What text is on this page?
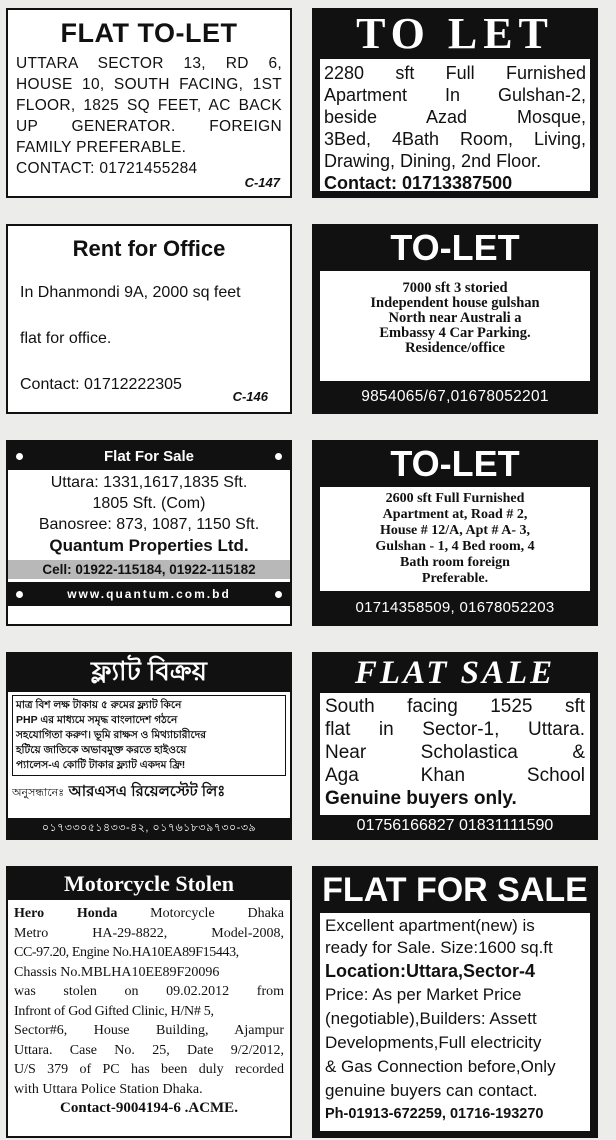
FLAT TO-LET
UTTARA SECTOR 13, RD 6,
HOUSE 10, SOUTH FACING, 1ST
FLOOR, 1825 SQ FEET, AC BACK
UP GENERATOR. FOREIGN
FAMILY PREFERABLE.
CONTACT: 01721455284
C-147
TO LET
2280 sft Full Furnished
Apartment In Gulshan-2,
beside Azad Mosque,
3Bed, 4Bath Room, Living,
Drawing, Dining, 2nd Floor.
Contact: 01713387500
Rent for Office
In Dhanmondi 9A, 2000 sq feet
flat for office.
Contact: 01712222305
C-146
TO-LET
7000 sft 3 storied
Independent house gulshan
North near Australi a
Embassy 4 Car Parking.
Residence/office
9854065/67,01678052201
Flat For Sale
Uttara: 1331,1617,1835 Sft.
1805 Sft. (Com)
Banosree: 873, 1087, 1150 Sft.
Quantum Properties Ltd.
Cell: 01922-115184, 01922-115182
www.quantum.com.bd
TO-LET
2600 sft Full Furnished
Apartment at, Road # 2,
House # 12/A, Apt # A- 3,
Gulshan - 1, 4 Bed room, 4
Bath room foreign
Preferable.
01714358509, 01678052203
ফ্ল্যাট বিক্রয়
মাত্র বিশ লক্ষ টাকায় ৫ রুমের ফ্ল্যাট কিনে
PHP এর মাধ্যমে সমৃদ্ধ বাংলাদেশ গঠনে
সহযোগিতা করুণ। ভূমি রাক্ষস ও মিথ্যাচারীদের
হটিয়ে জাতিকে অভাবমুক্ত করতে হাইওয়ে
প্যালেস-এ কোটি টাকার ফ্ল্যাট একদম ফ্রি!
অনুসন্ধানেঃ আরএসএ রিয়েলস্টেট লিঃ
০১৭৩৩০৫১৪৩৩-৪২, ০১৭৬১৮৩৯৭৩০-৩৯
FLAT SALE
South facing 1525 sft
flat in Sector-1, Uttara.
Near Scholastica &
Aga Khan School
Genuine buyers only.
01756166827 01831111590
Motorcycle Stolen
Hero Honda Motorcycle Dhaka
Metro HA-29-8822, Model-2008,
CC-97.20, Engine No.HA10EA89F15443,
Chassis No.MBLHA10EE89F20096
was stolen on 09.02.2012 from
Infront of God Gifted Clinic, H/N# 5,
Sector#6, House Building, Ajampur
Uttara. Case No. 25, Date 9/2/2012,
U/S 379 of PC has been duly recorded
with Uttara Police Station Dhaka.
Contact-9004194-6 .ACME.
FLAT FOR SALE
Excellent apartment(new) is
ready for Sale. Size:1600 sq.ft
Location:Uttara,Sector-4
Price: As per Market Price
(negotiable),Builders: Assett
Developments,Full electricity
& Gas Connection before,Only
genuine buyers can contact.
Ph-01913-672259, 01716-193270
